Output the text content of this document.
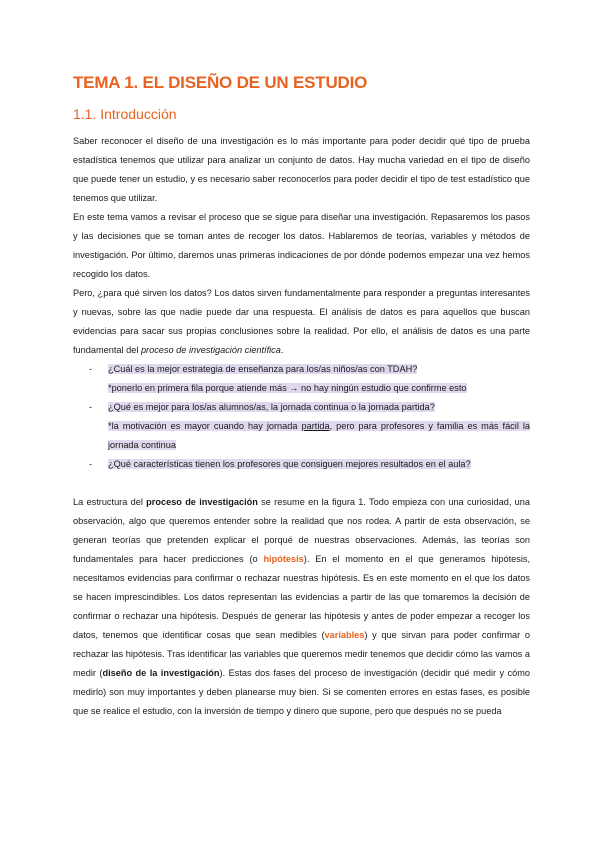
TEMA 1. EL DISEÑO DE UN ESTUDIO
1.1. Introducción

Saber reconocer el diseño de una investigación es lo más importante para poder decidir qué tipo de prueba estadística tenemos que utilizar para analizar un conjunto de datos. Hay mucha variedad en el tipo de diseño que puede tener un estudio, y es necesario saber reconocerlos para poder decidir el tipo de test estadístico que tenemos que utilizar.

En este tema vamos a revisar el proceso que se sigue para diseñar una investigación. Repasaremos los pasos y las decisiones que se toman antes de recoger los datos. Hablaremos de teorías, variables y métodos de investigación. Por último, daremos unas primeras indicaciones de por dónde podemos empezar una vez hemos recogido los datos.

Pero, ¿para qué sirven los datos? Los datos sirven fundamentalmente para responder a preguntas interesantes y nuevas, sobre las que nadie puede dar una respuesta. El análisis de datos es para aquellos que buscan evidencias para sacar sus propias conclusiones sobre la realidad. Por ello, el análisis de datos es una parte fundamental del proceso de investigación científica.

- ¿Cuál es la mejor estrategia de enseñanza para los/as niños/as con TDAH?
*ponerlo en primera fila porque atiende más → no hay ningún estudio que confirme esto
- ¿Qué es mejor para los/as alumnos/as, la jornada continua o la jornada partida?
*la motivación es mayor cuando hay jornada partida, pero para profesores y familia es más fácil la jornada continua
- ¿Qué características tienen los profesores que consiguen mejores resultados en el aula?

La estructura del proceso de investigación se resume en la figura 1. Todo empieza con una curiosidad, una observación, algo que queremos entender sobre la realidad que nos rodea. A partir de esta observación, se generan teorías que pretenden explicar el porqué de nuestras observaciones. Además, las teorías son fundamentales para hacer predicciones (o hipótesis). En el momento en el que generamos hipótesis, necesitamos evidencias para confirmar o rechazar nuestras hipótesis. Es en este momento en el que los datos se hacen imprescindibles. Los datos representan las evidencias a partir de las que tomaremos la decisión de confirmar o rechazar una hipótesis. Después de generar las hipótesis y antes de poder empezar a recoger los datos, tenemos que identificar cosas que sean medibles (variables) y que sirvan para poder confirmar o rechazar las hipótesis. Tras identificar las variables que queremos medir tenemos que decidir cómo las vamos a medir (diseño de la investigación). Estas dos fases del proceso de investigación (decidir qué medir y cómo medirlo) son muy importantes y deben planearse muy bien. Si se comenten errores en estas fases, es posible que se realice el estudio, con la inversión de tiempo y dinero que supone, pero que después no se pueda
